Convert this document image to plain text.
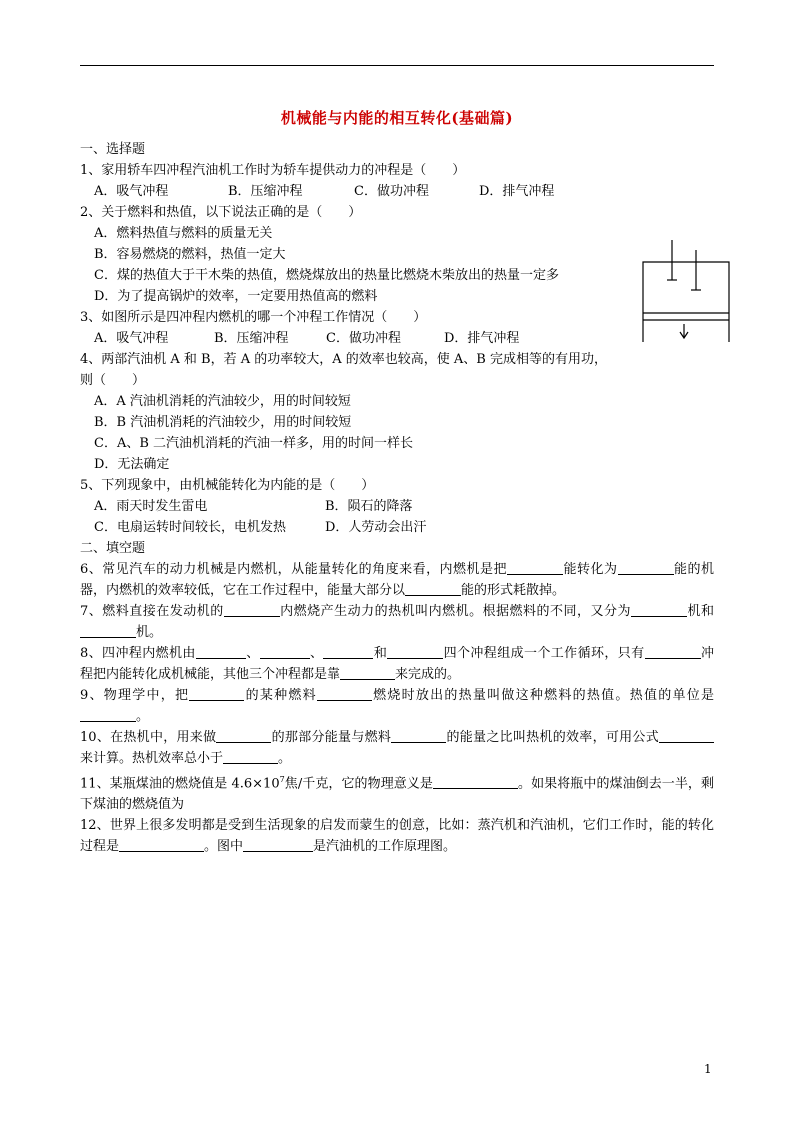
机械能与内能的相互转化(基础篇)
一、选择题
1、家用轿车四冲程汽油机工作时为轿车提供动力的冲程是（　　）
A．吸气冲程	B．压缩冲程	C．做功冲程	D．排气冲程
2、关于燃料和热值，以下说法正确的是（　　）
A．燃料热值与燃料的质量无关
B．容易燃烧的燃料，热值一定大
C．煤的热值大于干木柴的热值，燃烧煤放出的热量比燃烧木柴放出的热量一定多
D．为了提高锅炉的效率，一定要用热值高的燃料
3、如图所示是四冲程内燃机的哪一个冲程工作情况（　　）
A．吸气冲程	B．压缩冲程	C．做功冲程	D．排气冲程
4、两部汽油机 A 和 B，若 A 的功率较大，A 的效率也较高，使 A、B 完成相等的有用功，
则（　　）
A．A 汽油机消耗的汽油较少，用的时间较短
B．B 汽油机消耗的汽油较少，用的时间较短
C．A、B 二汽油机消耗的汽油一样多，用的时间一样长
D．无法确定
5、下列现象中，由机械能转化为内能的是（　　）
A．雨天时发生雷电	B．陨石的降落
C．电扇运转时间较长，电机发热	D．人劳动会出汗
二、填空题
6、常见汽车的动力机械是内燃机，从能量转化的角度来看，内燃机是把	能转化为	能的机器，内燃机的效率较低，它在工作过程中，能量大部分以	能的形式耗散掉。
7、燃料直接在发动机的	内燃烧产生动力的热机叫内燃机。根据燃料的不同，又分为	机和机。
8、四冲程内燃机由	、	、	和	四个冲程组成一个工作循环，只有	冲程把内能转化成机械能，其他三个冲程都是靠	来完成的。
9、物理学中，把	的某种燃料	燃烧时放出的热量叫做这种燃料的热值。热值的单位是。
10、在热机中，用来做	的那部分能量与燃料	的能量之比叫热机的效率，可用公式来计算。热机效率总小于	。
11、某瓶煤油的燃烧值是 $4.6\times 10^7$焦/千克，它的物理意义是	。如果将瓶中的煤油倒去一半，剩下煤油的燃烧值为
12、世界上很多发明都是受到生活现象的启发而蒙生的创意，比如：蒸汽机和汽油机，它们工作时，能的转化过程是	。图中	是汽油机的工作原理图。
1
